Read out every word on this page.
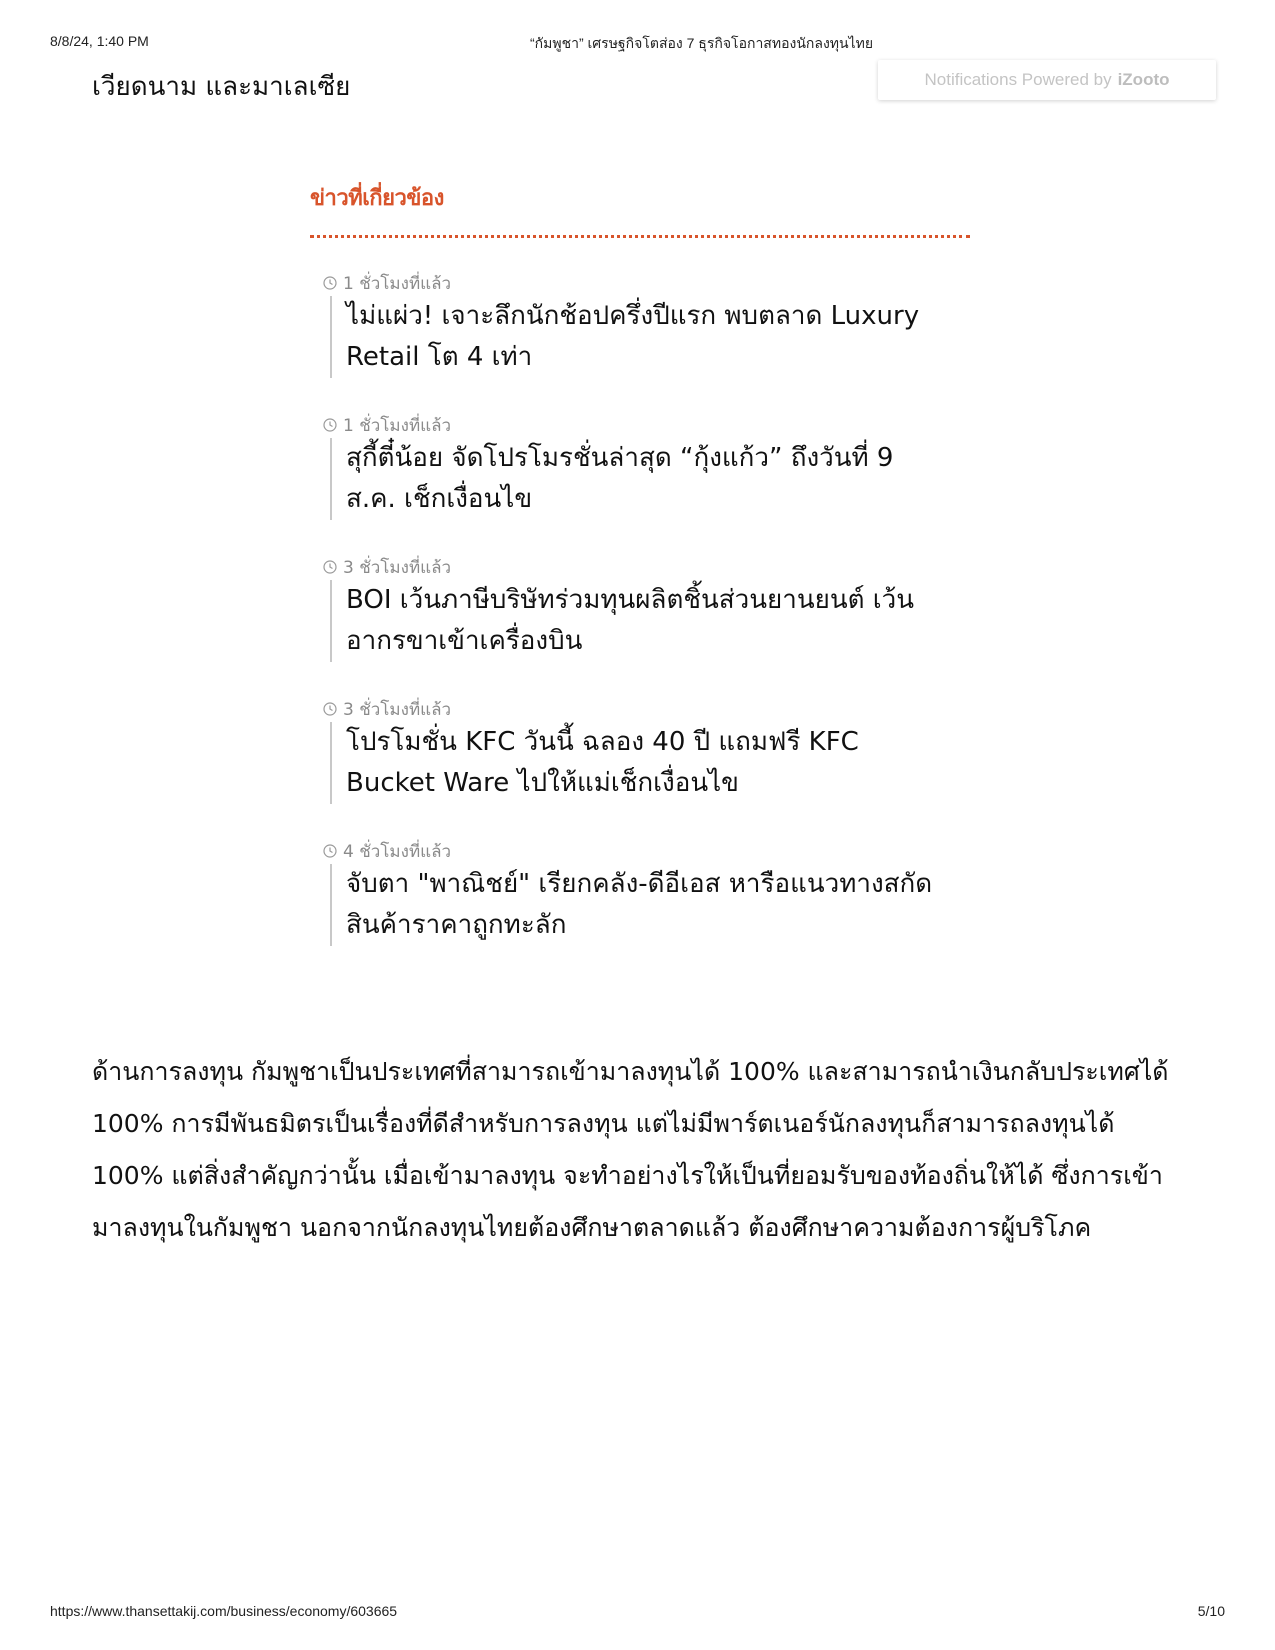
8/8/24, 1:40 PM	“กัมพูชา” เศรษฐกิจโตส่อง 7 ธุรกิจโอกาสทองนักลงทุนไทย

เวียดนาม และมาเลเซีย	Notifications Powered by iZooto
ข่าวที่เกี่ยวข้อง
1 ชั่วโมงที่แล้ว
ไม่แผ่ว! เจาะลึกนักช้อปครึ่งปีแรก พบตลาด Luxury Retail โต 4 เท่า
1 ชั่วโมงที่แล้ว
สุกี้ตี๋น้อย จัดโปรโมรชั่นล่าสุด “กุ้งแก้ว” ถึงวันที่ 9 ส.ค. เช็กเงื่อนไข
3 ชั่วโมงที่แล้ว
BOI เว้นภาษีบริษัทร่วมทุนผลิตชิ้นส่วนยานยนต์ เว้นอากรขาเข้าเครื่องบิน
3 ชั่วโมงที่แล้ว
โปรโมชั่น KFC วันนี้ ฉลอง 40 ปี แถมฟรี KFC Bucket Ware ไปให้แม่เช็กเงื่อนไข
4 ชั่วโมงที่แล้ว
จับตา "พาณิชย์" เรียกคลัง-ดีอีเอส หารือแนวทางสกัดสินค้าราคาถูกทะลัก

ด้านการลงทุน กัมพูชาเป็นประเทศที่สามารถเข้ามาลงทุนได้ 100% และสามารถนำเงินกลับประเทศได้ 100% การมีพันธมิตรเป็นเรื่องที่ดีสำหรับการลงทุน แต่ไม่มีพาร์ตเนอร์นักลงทุนก็สามารถลงทุนได้ 100% แต่สิ่งสำคัญกว่านั้น เมื่อเข้ามาลงทุน จะทำอย่างไรให้เป็นที่ยอมรับของท้องถิ่นให้ได้ ซึ่งการเข้ามาลงทุนในกัมพูชา นอกจากนักลงทุนไทยต้องศึกษาตลาดแล้ว ต้องศึกษาความต้องการผู้บริโภค

https://www.thansettakij.com/business/economy/603665	5/10
